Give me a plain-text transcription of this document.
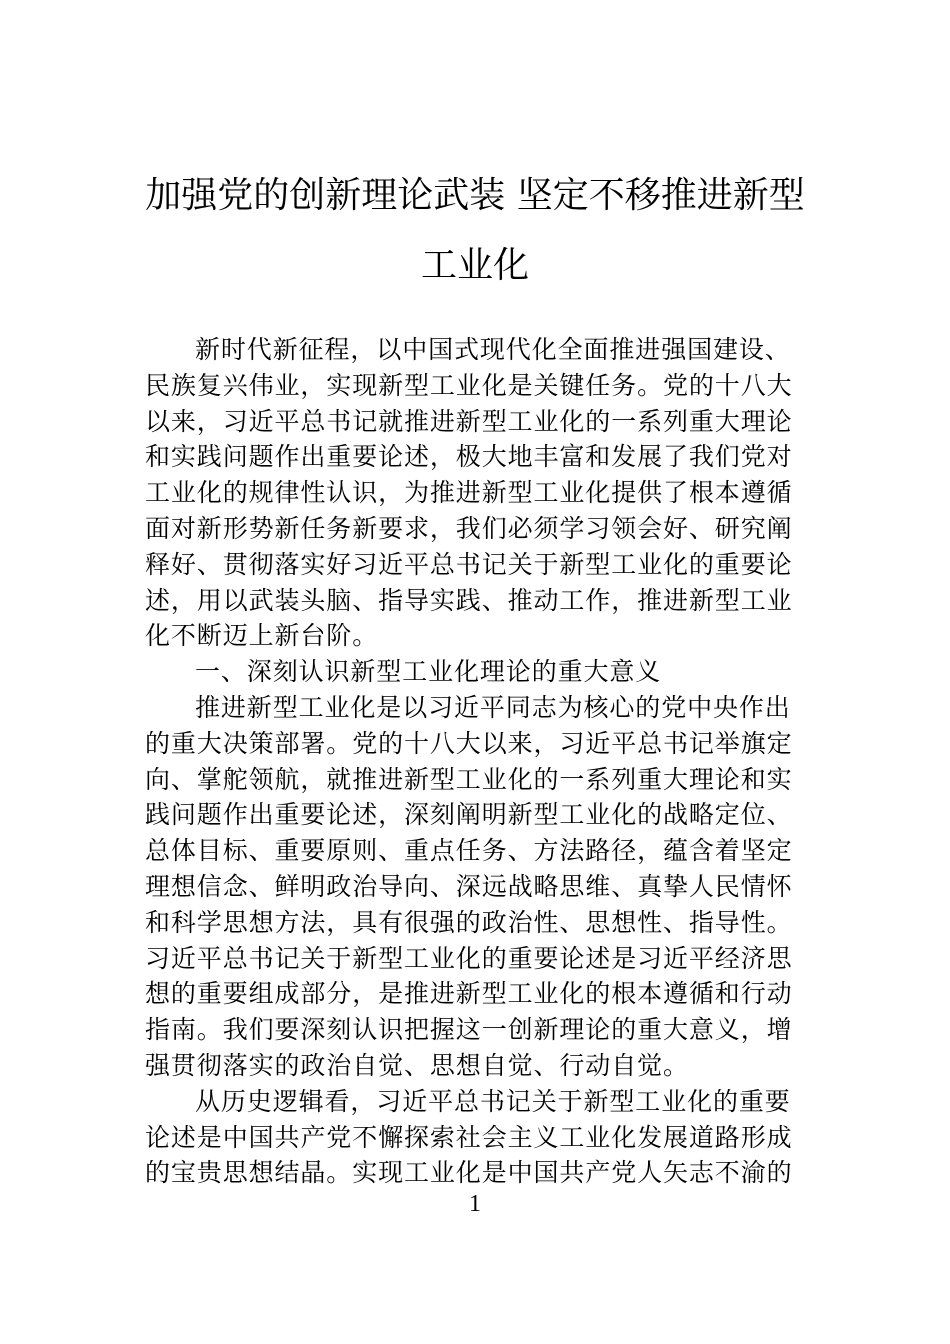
加强党的创新理论武装 坚定不移推进新型
工业化
新时代新征程，以中国式现代化全面推进强国建设、
民族复兴伟业，实现新型工业化是关键任务。党的十八大
以来，习近平总书记就推进新型工业化的一系列重大理论
和实践问题作出重要论述，极大地丰富和发展了我们党对
工业化的规律性认识，为推进新型工业化提供了根本遵循
面对新形势新任务新要求，我们必须学习领会好、研究阐
释好、贯彻落实好习近平总书记关于新型工业化的重要论
述，用以武装头脑、指导实践、推动工作，推进新型工业
化不断迈上新台阶。
一、深刻认识新型工业化理论的重大意义
推进新型工业化是以习近平同志为核心的党中央作出
的重大决策部署。党的十八大以来，习近平总书记举旗定
向、掌舵领航，就推进新型工业化的一系列重大理论和实
践问题作出重要论述，深刻阐明新型工业化的战略定位、
总体目标、重要原则、重点任务、方法路径，蕴含着坚定
理想信念、鲜明政治导向、深远战略思维、真挚人民情怀
和科学思想方法，具有很强的政治性、思想性、指导性。
习近平总书记关于新型工业化的重要论述是习近平经济思
想的重要组成部分，是推进新型工业化的根本遵循和行动
指南。我们要深刻认识把握这一创新理论的重大意义，增
强贯彻落实的政治自觉、思想自觉、行动自觉。
从历史逻辑看，习近平总书记关于新型工业化的重要
论述是中国共产党不懈探索社会主义工业化发展道路形成
的宝贵思想结晶。实现工业化是中国共产党人矢志不渝的
1
